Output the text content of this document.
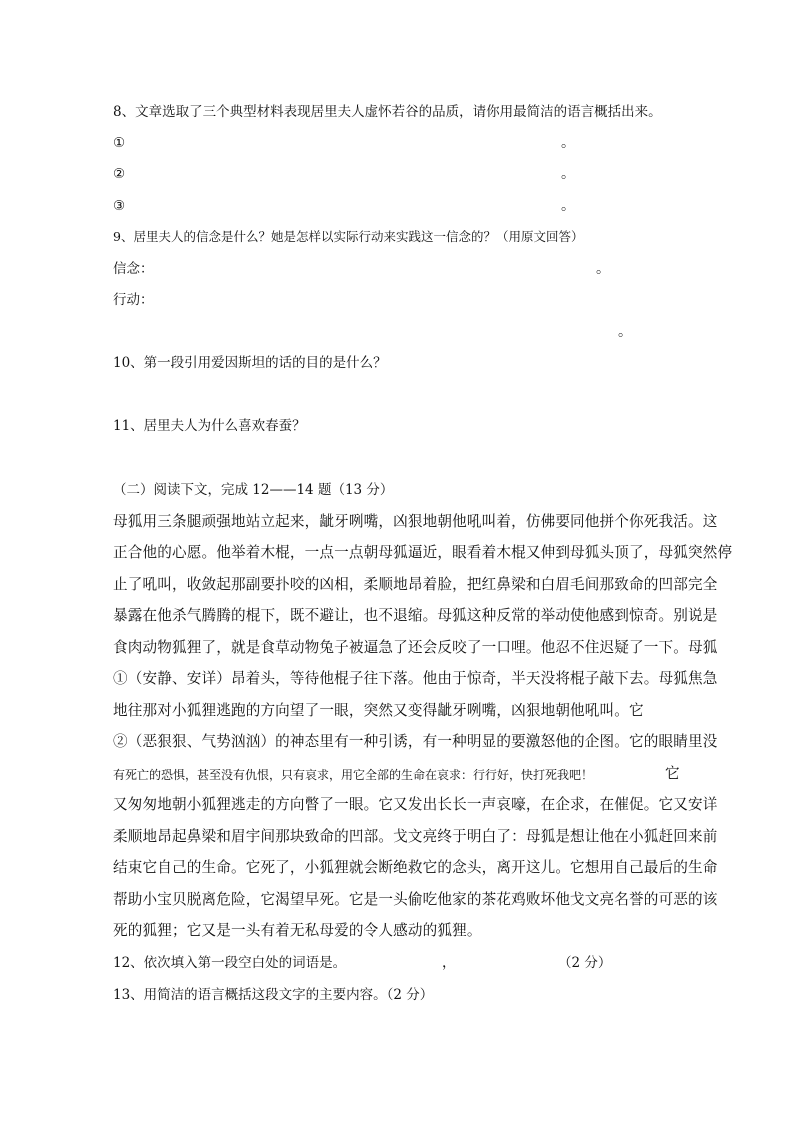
8、文章选取了三个典型材料表现居里夫人虚怀若谷的品质，请你用最简洁的语言概括出来。
①	。
②	。
③	。
9、居里夫人的信念是什么？她是怎样以实际行动来实践这一信念的？（用原文回答）
信念：	。
行动：
。
10、第一段引用爱因斯坦的话的目的是什么？
11、居里夫人为什么喜欢春蚕？
（二）阅读下文，完成 12——14 题（13 分）
母狐用三条腿顽强地站立起来，龇牙咧嘴，凶狠地朝他吼叫着，仿佛要同他拼个你死我活。这
正合他的心愿。他举着木棍，一点一点朝母狐逼近，眼看着木棍又伸到母狐头顶了，母狐突然停
止了吼叫，收敛起那副要扑咬的凶相，柔顺地昂着脸，把红鼻梁和白眉毛间那致命的凹部完全
暴露在他杀气腾腾的棍下，既不避让，也不退缩。母狐这种反常的举动使他感到惊奇。别说是
食肉动物狐狸了，就是食草动物兔子被逼急了还会反咬了一口哩。他忍不住迟疑了一下。母狐
①（安静、安详）昂着头，等待他棍子往下落。他由于惊奇，半天没将棍子敲下去。母狐焦急
地往那对小狐狸逃跑的方向望了一眼，突然又变得龇牙咧嘴，凶狠地朝他吼叫。它
②（恶狠狠、气势汹汹）的神态里有一种引诱，有一种明显的要激怒他的企图。它的眼睛里没
有死亡的恐惧，甚至没有仇恨，只有哀求，用它全部的生命在哀求：行行好，快打死我吧！	它
又匆匆地朝小狐狸逃走的方向瞥了一眼。它又发出长长一声哀嚎，在企求，在催促。它又安详
柔顺地昂起鼻梁和眉宇间那块致命的凹部。戈文亮终于明白了：母狐是想让他在小狐赶回来前
结束它自己的生命。它死了，小狐狸就会断绝救它的念头，离开这儿。它想用自己最后的生命
帮助小宝贝脱离危险，它渴望早死。它是一头偷吃他家的茶花鸡败坏他戈文亮名誉的可恶的该
死的狐狸；它又是一头有着无私母爱的令人感动的狐狸。
12、依次填入第一段空白处的词语是。	，	（2 分）
13、用简洁的语言概括这段文字的主要内容。（2 分）
